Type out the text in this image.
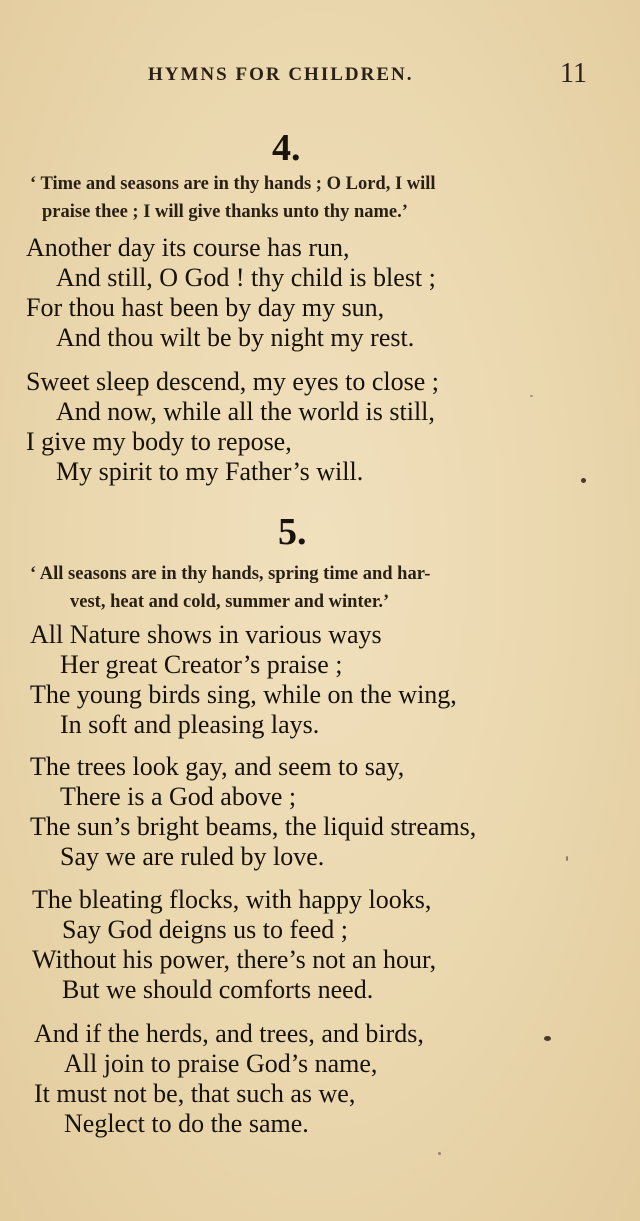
HYMNS FOR CHILDREN.	11
4.
‘ Time and seasons are in thy hands ; O Lord, I will
praise thee ; I will give thanks unto thy name.’
Another day its course has run,
And still, O God ! thy child is blest ;
For thou hast been by day my sun,
And thou wilt be by night my rest.
Sweet sleep descend, my eyes to close ;
And now, while all the world is still,
I give my body to repose,
My spirit to my Father’s will.
5.
‘ All seasons are in thy hands, spring time and har-
vest, heat and cold, summer and winter.’
All Nature shows in various ways
Her great Creator’s praise ;
The young birds sing, while on the wing,
In soft and pleasing lays.
The trees look gay, and seem to say,
There is a God above ;
The sun’s bright beams, the liquid streams,
Say we are ruled by love.
The bleating flocks, with happy looks,
Say God deigns us to feed ;
Without his power, there’s not an hour,
But we should comforts need.
And if the herds, and trees, and birds,
All join to praise God’s name,
It must not be, that such as we,
Neglect to do the same.
